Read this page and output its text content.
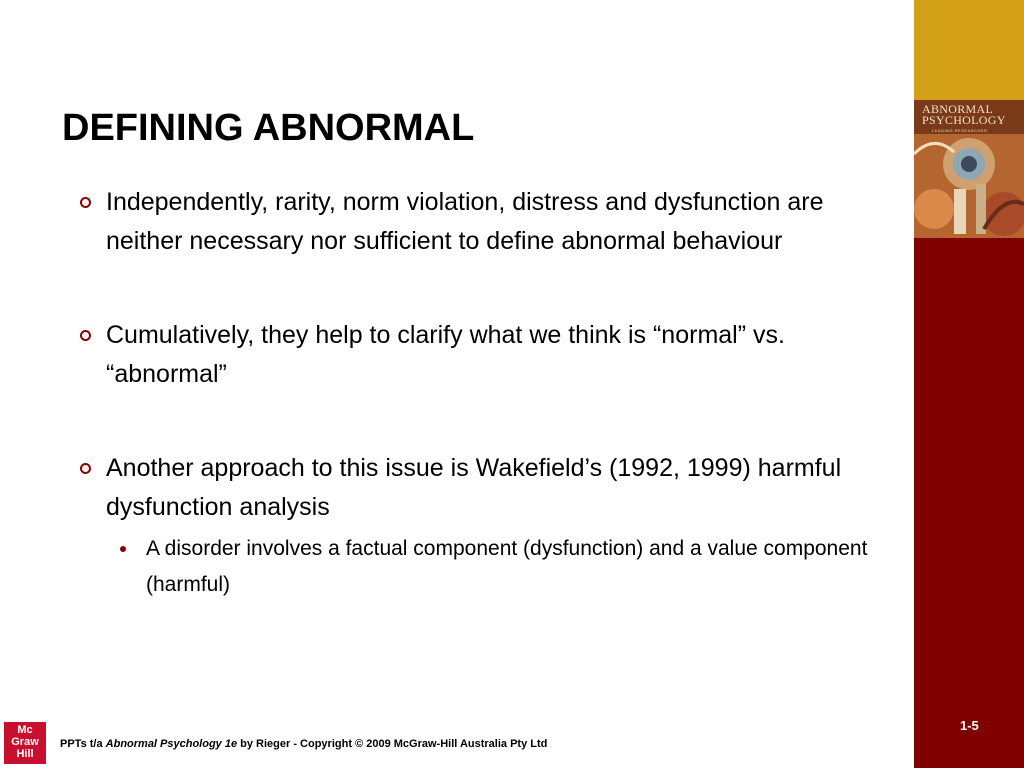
ABNORMAL
PSYCHOLOGY
LEADING RESEARCHER
DEFINING ABNORMAL
Independently, rarity, norm violation, distress and dysfunction are neither necessary nor sufficient to define abnormal behaviour
Cumulatively, they help to clarify what we think is “normal” vs. “abnormal”
Another approach to this issue is Wakefield’s (1992, 1999) harmful dysfunction analysis
A disorder involves a factual component (dysfunction) and a value component (harmful)
Mc
Graw
Hill
PPTs t/a Abnormal Psychology 1e by Rieger - Copyright © 2009 McGraw-Hill Australia Pty Ltd
1-5
